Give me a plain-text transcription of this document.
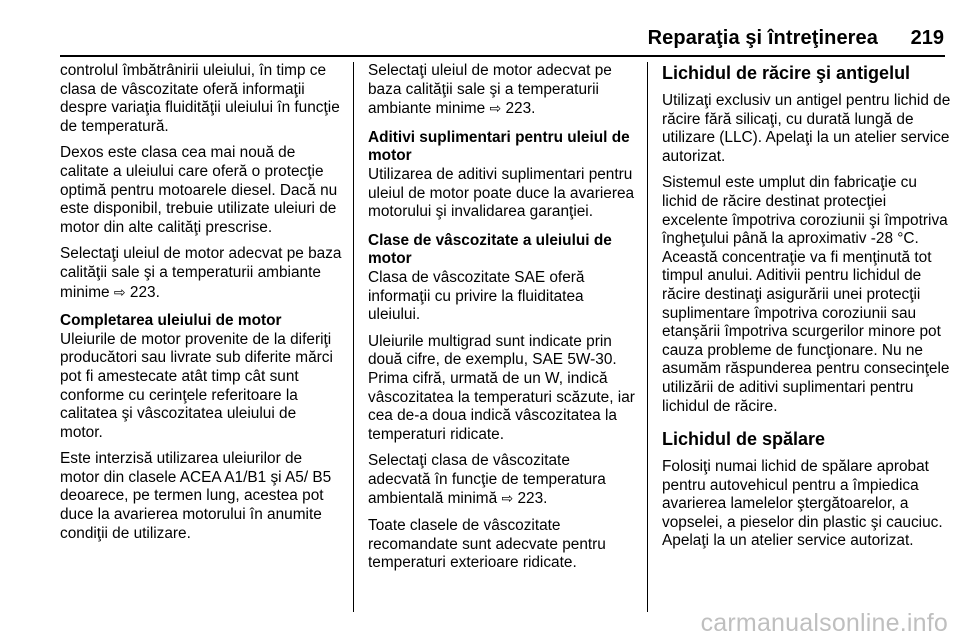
Reparaţia şi întreţinerea 219

controlul îmbătrânirii uleiului, în timp ce clasa de vâscozitate oferă informaţii despre variaţia fluidităţii uleiului în funcţie de temperatură.

Dexos este clasa cea mai nouă de calitate a uleiului care oferă o protecţie optimă pentru motoarele diesel. Dacă nu este disponibil, trebuie utilizate uleiuri de motor din alte calităţi prescrise.

Selectaţi uleiul de motor adecvat pe baza calităţii sale şi a temperaturii ambiante minime ⇨ 223.

Completarea uleiului de motor

Uleiurile de motor provenite de la diferiţi producători sau livrate sub diferite mărci pot fi amestecate atât timp cât sunt conforme cu cerinţele referitoare la calitatea şi vâscozitatea uleiului de motor.

Este interzisă utilizarea uleiurilor de motor din clasele ACEA A1/B1 şi A5/ B5 deoarece, pe termen lung, acestea pot duce la avarierea motorului în anumite condiţii de utilizare.

Selectaţi uleiul de motor adecvat pe baza calităţii sale şi a temperaturii ambiante minime ⇨ 223.

Aditivi suplimentari pentru uleiul de motor

Utilizarea de aditivi suplimentari pentru uleiul de motor poate duce la avarierea motorului şi invalidarea garanţiei.

Clase de vâscozitate a uleiului de motor

Clasa de vâscozitate SAE oferă informaţii cu privire la fluiditatea uleiului.

Uleiurile multigrad sunt indicate prin două cifre, de exemplu, SAE 5W-30. Prima cifră, urmată de un W, indică vâscozitatea la temperaturi scăzute, iar cea de-a doua indică vâscozitatea la temperaturi ridicate.

Selectaţi clasa de vâscozitate adecvată în funcţie de temperatura ambientală minimă ⇨ 223.

Toate clasele de vâscozitate recomandate sunt adecvate pentru temperaturi exterioare ridicate.

Lichidul de răcire şi antigelul

Utilizaţi exclusiv un antigel pentru lichid de răcire fără silicaţi, cu durată lungă de utilizare (LLC). Apelaţi la un atelier service autorizat.

Sistemul este umplut din fabricaţie cu lichid de răcire destinat protecţiei excelente împotriva coroziunii şi împotriva îngheţului până la aproximativ -28 °C. Această concentraţie va fi menţinută tot timpul anului. Aditivii pentru lichidul de răcire destinaţi asigurării unei protecţii suplimentare împotriva coroziunii sau etanşării împotriva scurgerilor minore pot cauza probleme de funcţionare. Nu ne asumăm răspunderea pentru consecinţele utilizării de aditivi suplimentari pentru lichidul de răcire.

Lichidul de spălare

Folosiţi numai lichid de spălare aprobat pentru autovehicul pentru a împiedica avarierea lamelelor ştergătoarelor, a vopselei, a pieselor din plastic şi cauciuc. Apelaţi la un atelier service autorizat.

carmanualsonline.info
